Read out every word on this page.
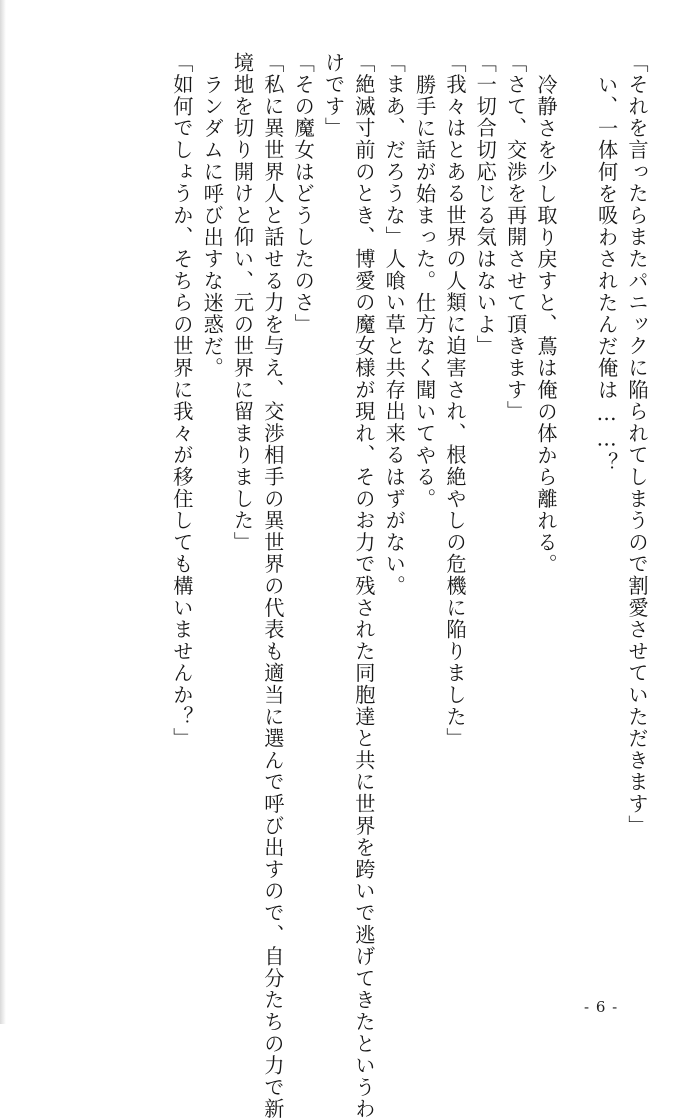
「それを言ったらまたパニックに陥られてしまうので割愛させていただきます」
い、一体何を吸わされたんだ俺は……？
冷静さを少し取り戻すと、蔦は俺の体から離れる。
「さて、交渉を再開させて頂きます」
「一切合切応じる気はないよ」
「我々はとある世界の人類に迫害され、根絶やしの危機に陥りました」
勝手に話が始まった。仕方なく聞いてやる。
「まあ、だろうな」人喰い草と共存出来るはずがない。
「絶滅寸前のとき、博愛の魔女様が現れ、そのお力で残された同胞達と共に世界を跨いで逃げてきたというわ
けです」
「その魔女はどうしたのさ」
「私に異世界人と話せる力を与え、交渉相手の異世界の代表も適当に選んで呼び出すので、自分たちの力で新
境地を切り開けと仰い、元の世界に留まりました」
ランダムに呼び出すな迷惑だ。
「如何でしょうか、そちらの世界に我々が移住しても構いませんか？」
- 6 -
